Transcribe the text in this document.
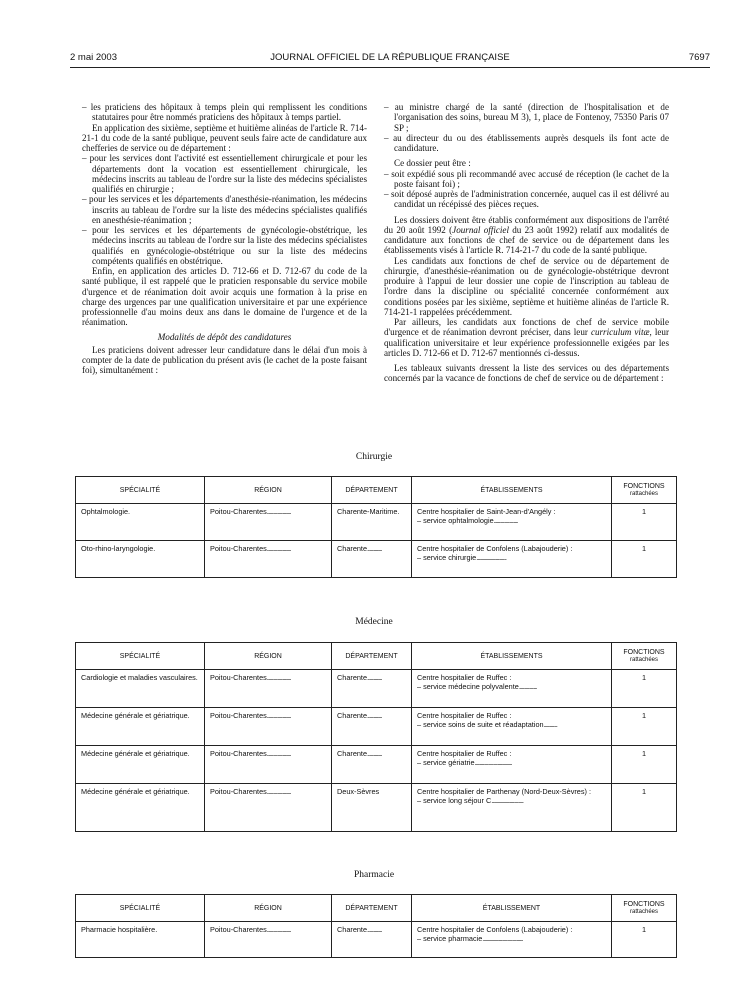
2 mai 2003	JOURNAL OFFICIEL DE LA RÉPUBLIQUE FRANÇAISE	7697

– les praticiens des hôpitaux à temps plein qui remplissent les conditions statutaires pour être nommés praticiens des hôpitaux à temps partiel.

En application des sixième, septième et huitième alinéas de l'article R. 714-21-1 du code de la santé publique, peuvent seuls faire acte de candidature aux chefferies de service ou de département :

– pour les services dont l'activité est essentiellement chirurgicale et pour les départements dont la vocation est essentiellement chirurgicale, les médecins inscrits au tableau de l'ordre sur la liste des médecins spécialistes qualifiés en chirurgie ;

– pour les services et les départements d'anesthésie-réanimation, les médecins inscrits au tableau de l'ordre sur la liste des médecins spécialistes qualifiés en anesthésie-réanimation ;

– pour les services et les départements de gynécologie-obstétrique, les médecins inscrits au tableau de l'ordre sur la liste des médecins spécialistes qualifiés en gynécologie-obstétrique ou sur la liste des médecins compétents qualifiés en obstétrique.

Enfin, en application des articles D. 712-66 et D. 712-67 du code de la santé publique, il est rappelé que le praticien responsable du service mobile d'urgence et de réanimation doit avoir acquis une formation à la prise en charge des urgences par une qualification universitaire et par une expérience professionnelle d'au moins deux ans dans le domaine de l'urgence et de la réanimation.

Modalités de dépôt des candidatures

Les praticiens doivent adresser leur candidature dans le délai d'un mois à compter de la date de publication du présent avis (le cachet de la poste faisant foi), simultanément :

– au ministre chargé de la santé (direction de l'hospitalisation et de l'organisation des soins, bureau M 3), 1, place de Fontenoy, 75350 Paris 07 SP ;

– au directeur du ou des établissements auprès desquels ils font acte de candidature.

Ce dossier peut être :

– soit expédié sous pli recommandé avec accusé de réception (le cachet de la poste faisant foi) ;

– soit déposé auprès de l'administration concernée, auquel cas il est délivré au candidat un récépissé des pièces reçues.

Les dossiers doivent être établis conformément aux dispositions de l'arrêté du 20 août 1992 (Journal officiel du 23 août 1992) relatif aux modalités de candidature aux fonctions de chef de service ou de département dans les établissements visés à l'article R. 714-21-7 du code de la santé publique.

Les candidats aux fonctions de chef de service ou de département de chirurgie, d'anesthésie-réanimation ou de gynécologie-obstétrique devront produire à l'appui de leur dossier une copie de l'inscription au tableau de l'ordre dans la discipline ou spécialité concernée conformément aux conditions posées par les sixième, septième et huitième alinéas de l'article R. 714-21-1 rappelées précédemment.

Par ailleurs, les candidats aux fonctions de chef de service mobile d'urgence et de réanimation devront préciser, dans leur curriculum vitæ, leur qualification universitaire et leur expérience professionnelle exigées par les articles D. 712-66 et D. 712-67 mentionnés ci-dessus.

Les tableaux suivants dressent la liste des services ou des départements concernés par la vacance de fonctions de chef de service ou de département :

Chirurgie
SPÉCIALITÉ	RÉGION	DÉPARTEMENT	ÉTABLISSEMENTS	FONCTIONS
rattachées

Ophtalmologie.	Poitou-Charentes.......................	Charente-Maritime.	Centre hospitalier de Saint-Jean-d'Angély :
– service ophtalmologie.......................	1
Oto-rhino-laryngologie.	Poitou-Charentes.......................	Charente..............	Centre hospitalier de Confolens (Labajouderie) :
– service chirurgie.............................	1
Médecine
SPÉCIALITÉ	RÉGION	DÉPARTEMENT	ÉTABLISSEMENTS	FONCTIONS
rattachées

Cardiologie et maladies vasculaires.	Poitou-Charentes.......................	Charente..............	Centre hospitalier de Ruffec :
– service médecine polyvalente.................	1
Médecine générale et gériatrique.	Poitou-Charentes.......................	Charente..............	Centre hospitalier de Ruffec :
– service soins de suite et réadaptation.............	1
Médecine générale et gériatrique.	Poitou-Charentes.......................	Charente..............	Centre hospitalier de Ruffec :
– service gériatrie....................................	1
Médecine générale et gériatrique.	Poitou-Charentes.......................	Deux-Sèvres	Centre hospitalier de Parthenay (Nord-Deux-Sèvres) :
– service long séjour C...............................	1
Pharmacie
SPÉCIALITÉ	RÉGION	DÉPARTEMENT	ÉTABLISSEMENT	FONCTIONS
rattachées

Pharmacie hospitalière.	Poitou-Charentes.......................	Charente..............	Centre hospitalier de Confolens (Labajouderie) :
– service pharmacie.......................................	1
